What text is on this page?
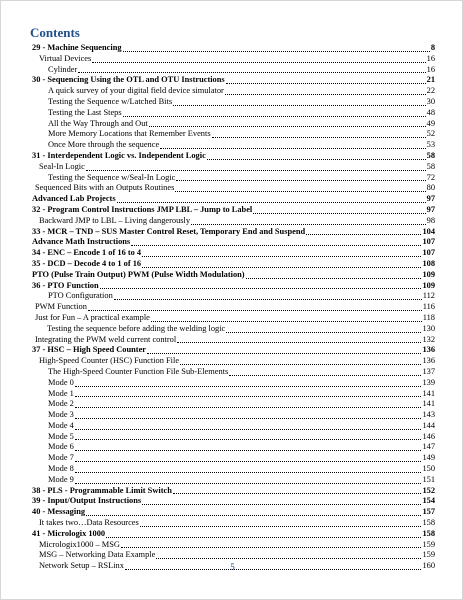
Contents
29 - Machine Sequencing	8
Virtual Devices	16
Cylinder	16
30 - Sequencing Using the OTL and OTU Instructions	21
A quick survey of your digital field device simulator	22
Testing the Sequence w/Latched Bits	30
Testing the Last Steps	48
All the Way Through and Out	49
More Memory Locations that Remember Events	52
Once More through the sequence	53
31 - Interdependent Logic vs. Independent Logic	58
Seal-In Logic	58
Testing the Sequence w/Seal-In Logic	72
Sequenced Bits with an Outputs Routines	80
Advanced Lab Projects	97
32 - Program Control Instructions JMP LBL – Jump to Label	97
Backward JMP to LBL – Living dangerously	98
33 - MCR – TND – SUS Master Control Reset, Temporary End and Suspend	104
Advance Math Instructions	107
34 - ENC – Encode 1 of 16 to 4	107
35 - DCD – Decode 4 to 1 of 16	108
PTO (Pulse Train Output) PWM (Pulse Width Modulation)	109
36 - PTO Function	109
PTO Configuration	112
PWM Function	116
Just for Fun – A practical example	118
Testing the sequence before adding the welding logic	130
Integrating the PWM weld current control	132
37 - HSC – High Speed Counter	136
High-Speed Counter (HSC) Function File	136
The High-Speed Counter Function File Sub-Elements	137
Mode 0	139
Mode 1	141
Mode 2	141
Mode 3	143
Mode 4	144
Mode 5	146
Mode 6	147
Mode 7	149
Mode 8	150
Mode 9	151
38 - PLS - Programmable Limit Switch	152
39 - Input/Output Instructions	154
40 - Messaging	157
It takes two…Data Resources	158
41 - Micrologix 1000	158
Micrologix1000 – MSG	159
MSG – Networking Data Example	159
Network Setup – RSLinx	160
5
